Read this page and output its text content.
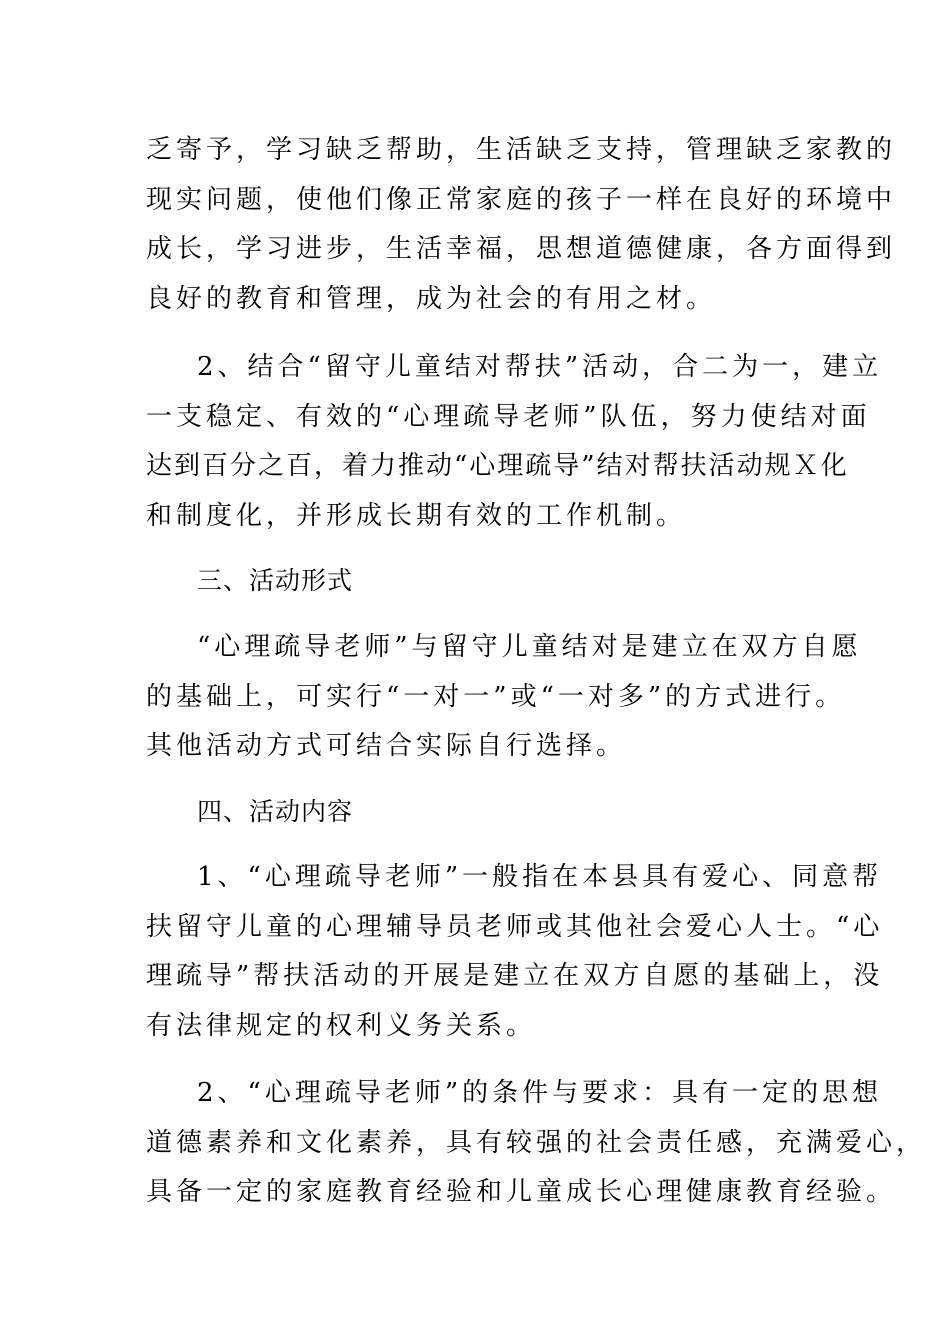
乏寄予，学习缺乏帮助，生活缺乏支持，管理缺乏家教的
现实问题，使他们像正常家庭的孩子一样在良好的环境中
成长，学习进步，生活幸福，思想道德健康，各方面得到
良好的教育和管理，成为社会的有用之材。
2、结合“留守儿童结对帮扶”活动，合二为一，建立
一支稳定、有效的“心理疏导老师”队伍，努力使结对面
达到百分之百，着力推动“心理疏导”结对帮扶活动规Ｘ化
和制度化，并形成长期有效的工作机制。
三、活动形式
“心理疏导老师”与留守儿童结对是建立在双方自愿
的基础上，可实行“一对一”或“一对多”的方式进行。
其他活动方式可结合实际自行选择。
四、活动内容
1、“心理疏导老师”一般指在本县具有爱心、同意帮
扶留守儿童的心理辅导员老师或其他社会爱心人士。“心
理疏导”帮扶活动的开展是建立在双方自愿的基础上，没
有法律规定的权利义务关系。
2、“心理疏导老师”的条件与要求：具有一定的思想
道德素养和文化素养，具有较强的社会责任感，充满爱心，
具备一定的家庭教育经验和儿童成长心理健康教育经验。
